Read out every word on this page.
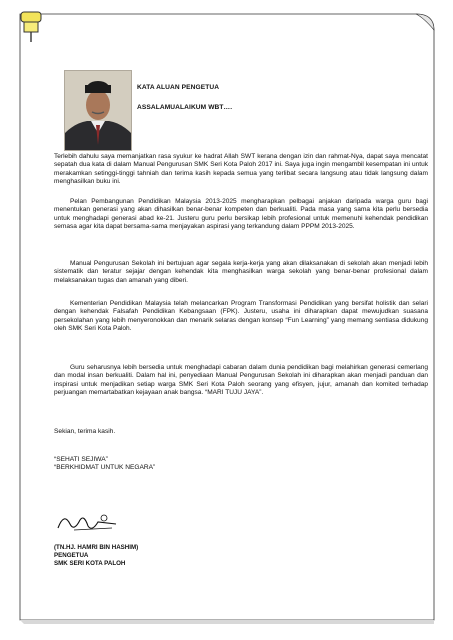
KATA ALUAN PENGETUA
ASSALAMUALAIKUM WBT….

Terlebih dahulu saya memanjatkan rasa syukur ke hadrat Allah SWT kerana dengan izin dan rahmat-Nya, dapat saya mencatat sepatah dua kata di dalam Manual Pengurusan SMK Seri Kota Paloh 2017 ini. Saya juga ingin mengambil kesempatan ini untuk merakamkan setinggi-tinggi tahniah dan terima kasih kepada semua yang terlibat secara langsung atau tidak langsung dalam menghasilkan buku ini.

Pelan Pembangunan Pendidikan Malaysia 2013-2025 mengharapkan pelbagai anjakan daripada warga guru bagi menentukan generasi yang akan dihasilkan benar-benar kompeten dan berkualiti. Pada masa yang sama kita perlu bersedia untuk menghadapi generasi abad ke-21. Justeru guru perlu bersikap lebih profesional untuk memenuhi kehendak pendidikan semasa agar kita dapat bersama-sama menjayakan aspirasi yang terkandung dalam PPPM 2013-2025.

Manual Pengurusan Sekolah ini bertujuan agar segala kerja-kerja yang akan dilaksanakan di sekolah akan menjadi lebih sistematik dan teratur sejajar dengan kehendak kita menghasilkan warga sekolah yang benar-benar profesional dalam melaksanakan tugas dan amanah yang diberi.

Kementerian Pendidikan Malaysia telah melancarkan Program Transformasi Pendidikan yang bersifat holistik dan selari dengan kehendak Falsafah Pendidikan Kebangsaan (FPK). Justeru, usaha ini diharapkan dapat mewujudkan suasana persekolahan yang lebih menyeronokkan dan menarik selaras dengan konsep “Fun Learning” yang memang sentiasa didukung oleh SMK Seri Kota Paloh.

Guru seharusnya lebih bersedia untuk menghadapi cabaran dalam dunia pendidikan bagi melahirkan generasi cemerlang dan modal insan berkualiti. Dalam hal ini, penyediaan Manual Pengurusan Sekolah ini diharapkan akan menjadi panduan dan inspirasi untuk menjadikan setiap warga SMK Seri Kota Paloh seorang yang efisyen, jujur, amanah dan komited terhadap perjuangan memartabatkan kejayaan anak bangsa. “MARI TUJU JAYA”.

Sekian, terima kasih.
“SEHATI SEJIWA”
“BERKHIDMAT UNTUK NEGARA”
(TN.HJ. HAMRI BIN HASHIM)
PENGETUA
SMK SERI KOTA PALOH
